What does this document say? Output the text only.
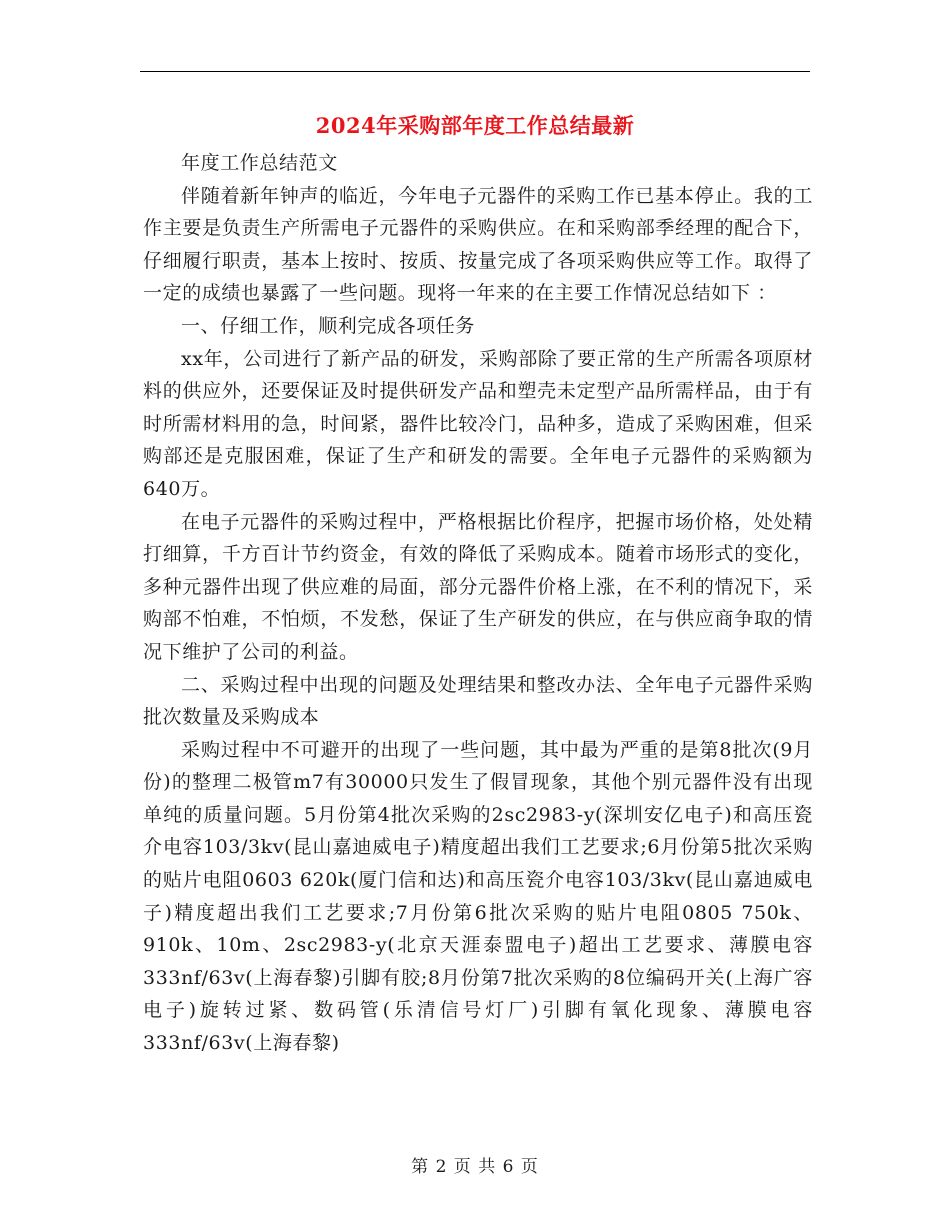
2024年采购部年度工作总结最新

年度工作总结范文

伴随着新年钟声的临近，今年电子元器件的采购工作已基本停止。我的工作主要是负责生产所需电子元器件的采购供应。在和采购部季经理的配合下，仔细履行职责，基本上按时、按质、按量完成了各项采购供应等工作。取得了一定的成绩也暴露了一些问题。现将一年来的在主要工作情况总结如下 ：

一、仔细工作，顺利完成各项任务

xx年，公司进行了新产品的研发，采购部除了要正常的生产所需各项原材料的供应外，还要保证及时提供研发产品和塑壳未定型产品所需样品，由于有时所需材料用的急，时间紧，器件比较冷门，品种多，造成了采购困难，但采购部还是克服困难，保证了生产和研发的需要。全年电子元器件的采购额为640万。

在电子元器件的采购过程中，严格根据比价程序，把握市场价格，处处精打细算，千方百计节约资金，有效的降低了采购成本。随着市场形式的变化，多种元器件出现了供应难的局面，部分元器件价格上涨，在不利的情况下，采购部不怕难，不怕烦，不发愁，保证了生产研发的供应，在与供应商争取的情况下维护了公司的利益。

二、采购过程中出现的问题及处理结果和整改办法、全年电子元器件采购批次数量及采购成本

采购过程中不可避开的出现了一些问题，其中最为严重的是第8批次(9月份)的整理二极管m7有30000只发生了假冒现象，其他个别元器件没有出现单纯的质量问题。5月份第4批次采购的2sc2983-y(深圳安亿电子)和高压瓷介电容103/3kv(昆山嘉迪威电子)精度超出我们工艺要求;6月份第5批次采购的贴片电阻0603 620k(厦门信和达)和高压瓷介电容103/3kv(昆山嘉迪威电子)精度超出我们工艺要求;7月份第6批次采购的贴片电阻0805 750k、910k、10m、2sc2983-y(北京天涯泰盟电子)超出工艺要求、薄膜电容333nf/63v(上海春黎)引脚有胶;8月份第7批次采购的8位编码开关(上海广容电子)旋转过紧、数码管(乐清信号灯厂)引脚有氧化现象、薄膜电容333nf/63v(上海春黎)

第 2 页 共 6 页
